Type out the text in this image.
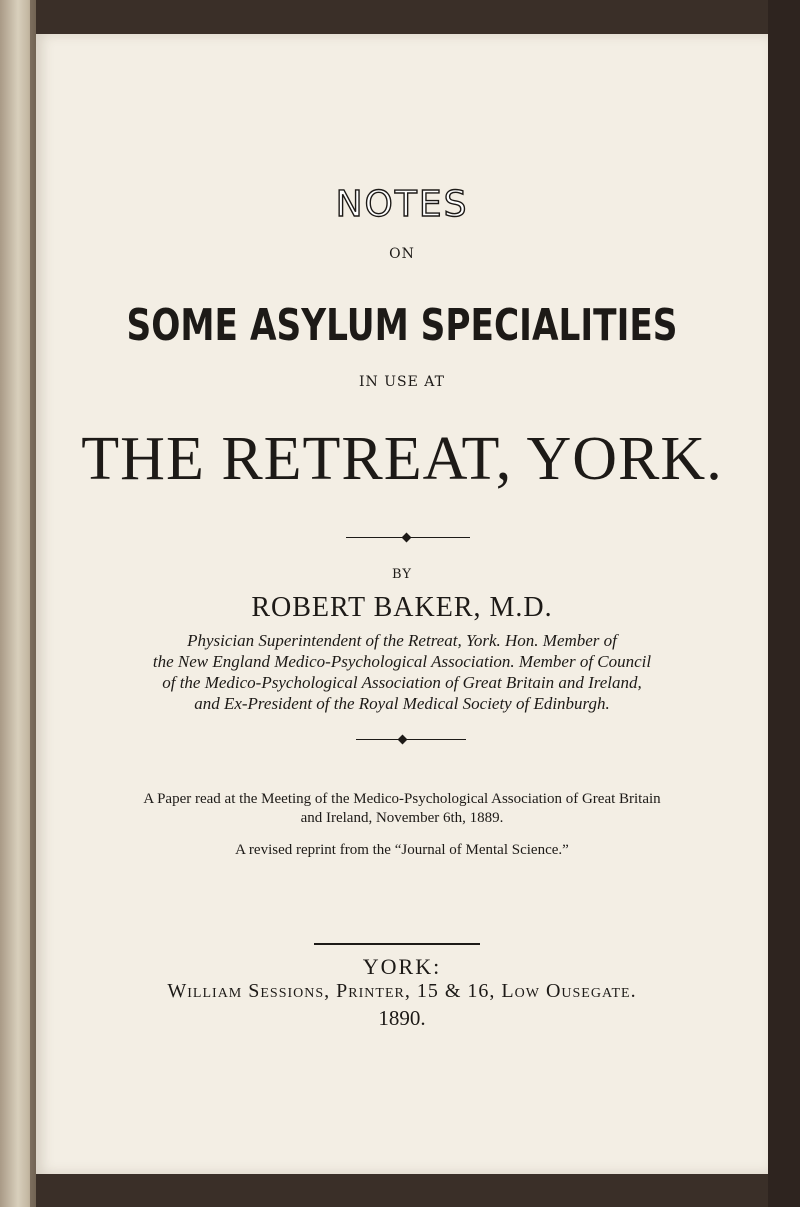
NOTES
ON
SOME ASYLUM SPECIALITIES
IN USE AT
THE RETREAT, YORK.
BY
ROBERT BAKER, M.D.
Physician Superintendent of the Retreat, York. Hon. Member of
the New England Medico-Psychological Association. Member of Council
of the Medico-Psychological Association of Great Britain and Ireland,
and Ex-President of the Royal Medical Society of Edinburgh.
A Paper read at the Meeting of the Medico-Psychological Association of Great Britain
and Ireland, November 6th, 1889.
A revised reprint from the “Journal of Mental Science.”
YORK:
William Sessions, Printer, 15 & 16, Low Ousegate.
1890.
